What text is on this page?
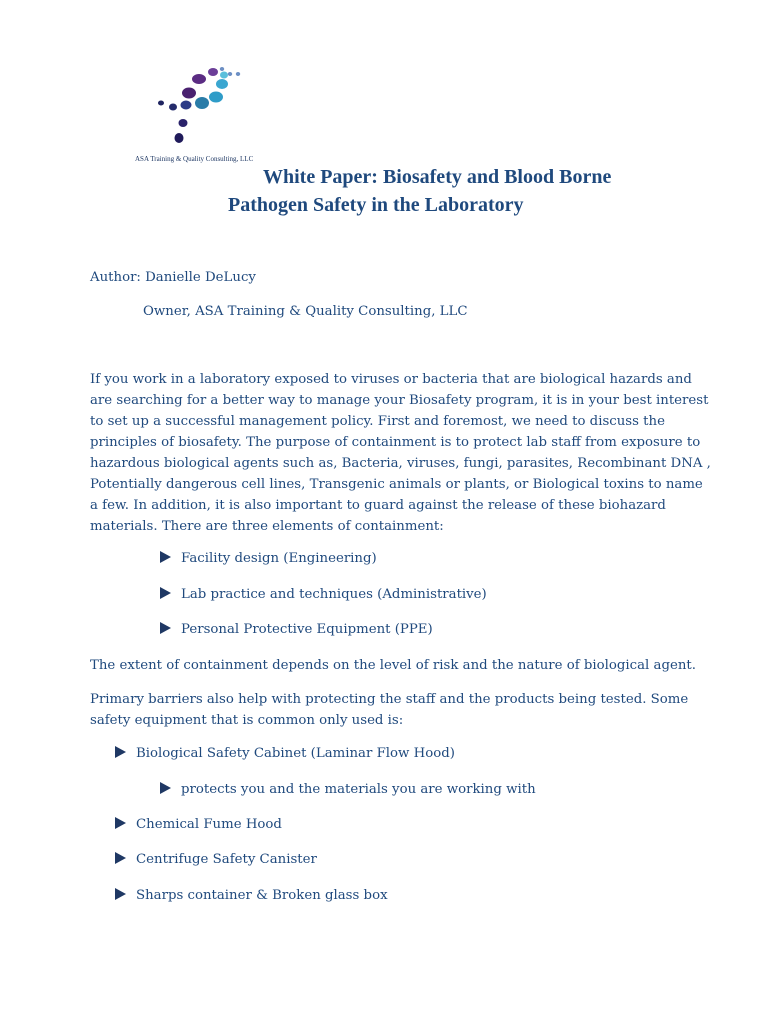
ASA Training & Quality Consulting, LLC
White Paper: Biosafety and Blood Borne
Pathogen Safety in the Laboratory
Author: Danielle DeLucy
Owner, ASA Training & Quality Consulting, LLC
If you work in a laboratory exposed to viruses or bacteria that are biological hazards and
are searching for a better way to manage your Biosafety program, it is in your best interest
to set up a successful management policy. First and foremost, we need to discuss the
principles of biosafety. The purpose of containment is to protect lab staff from exposure to
hazardous biological agents such as, Bacteria, viruses, fungi, parasites, Recombinant DNA ,
Potentially dangerous cell lines, Transgenic animals or plants, or Biological toxins to name
a few. In addition, it is also important to guard against the release of these biohazard
materials. There are three elements of containment:
Facility design (Engineering)
Lab practice and techniques (Administrative)
Personal Protective Equipment (PPE)
The extent of containment depends on the level of risk and the nature of biological agent.
Primary barriers also help with protecting the staff and the products being tested. Some
safety equipment that is common only used is:
Biological Safety Cabinet (Laminar Flow Hood)
protects you and the materials you are working with
Chemical Fume Hood
Centrifuge Safety Canister
Sharps container & Broken glass box
